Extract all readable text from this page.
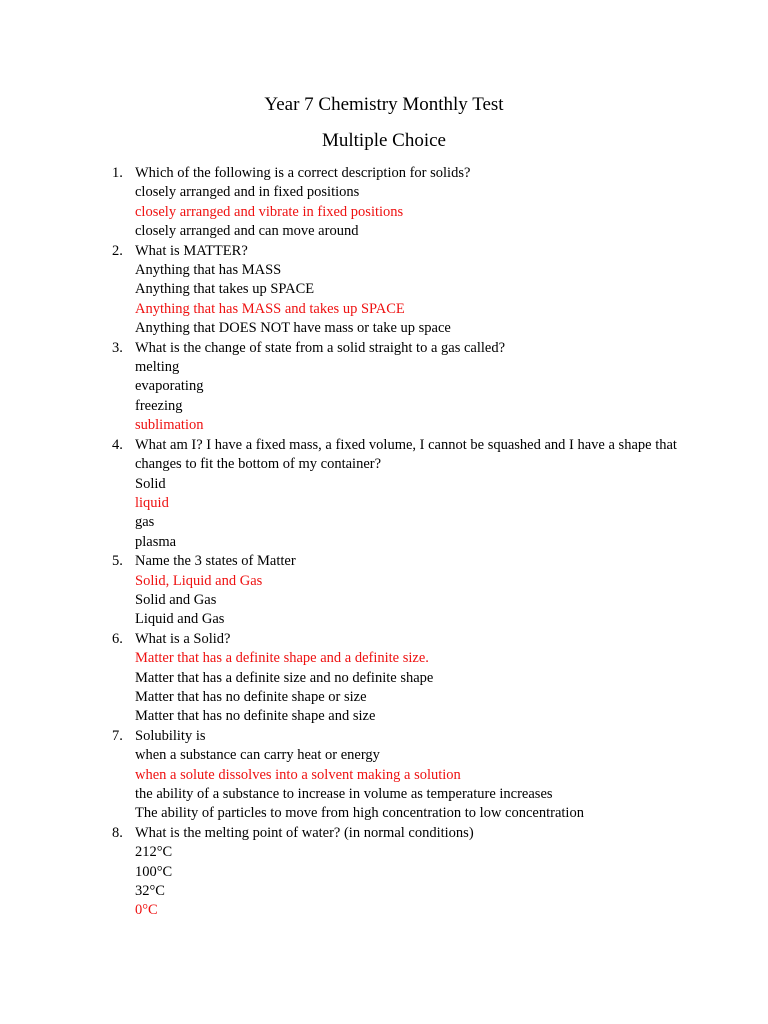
Year 7 Chemistry Monthly Test
Multiple Choice
1. Which of the following is a correct description for solids?
closely arranged and in fixed positions
closely arranged and vibrate in fixed positions
closely arranged and can move around
2. What is MATTER?
Anything that has MASS
Anything that takes up SPACE
Anything that has MASS and takes up SPACE
Anything that DOES NOT have mass or take up space
3. What is the change of state from a solid straight to a gas called?
melting
evaporating
freezing
sublimation
4. What am I? I have a fixed mass, a fixed volume, I cannot be squashed and I have a shape that changes to fit the bottom of my container?
Solid
liquid
gas
plasma
5. Name the 3 states of Matter
Solid, Liquid and Gas
Solid and Gas
Liquid and Gas
6. What is a Solid?
Matter that has a definite shape and a definite size.
Matter that has a definite size and no definite shape
Matter that has no definite shape or size
Matter that has no definite shape and size
7. Solubility is
when a substance can carry heat or energy
when a solute dissolves into a solvent making a solution
the ability of a substance to increase in volume as temperature increases
The ability of particles to move from high concentration to low concentration
8. What is the melting point of water? (in normal conditions)
212°C
100°C
32°C
0°C
